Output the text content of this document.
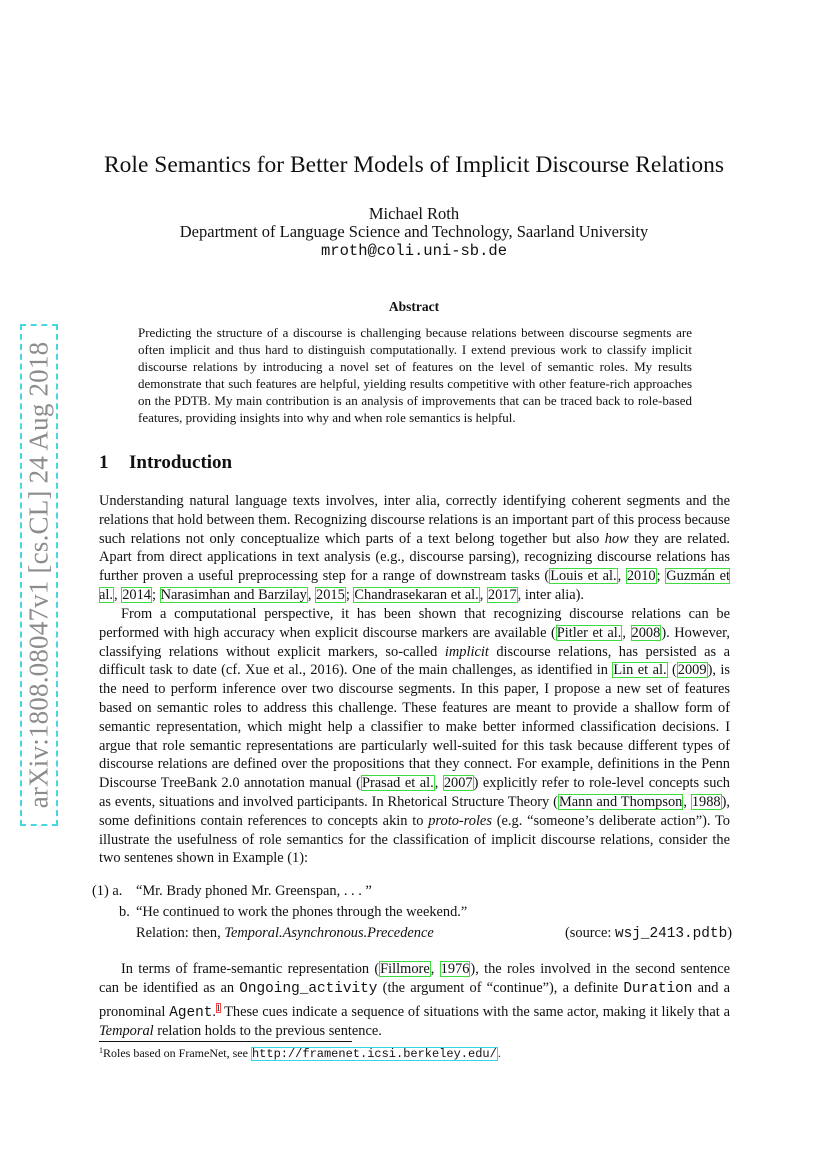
arXiv:1808.08047v1 [cs.CL] 24 Aug 2018
Role Semantics for Better Models of Implicit Discourse Relations
Michael Roth
Department of Language Science and Technology, Saarland University
mroth@coli.uni-sb.de
Abstract

Predicting the structure of a discourse is challenging because relations between discourse segments are often implicit and thus hard to distinguish computationally. I extend previous work to classify implicit discourse relations by introducing a novel set of features on the level of semantic roles. My results demonstrate that such features are helpful, yielding results competitive with other feature-rich approaches on the PDTB. My main contribution is an analysis of improvements that can be traced back to role-based features, providing insights into why and when role semantics is helpful.

1 Introduction

Understanding natural language texts involves, inter alia, correctly identifying coherent segments and the relations that hold between them. Recognizing discourse relations is an important part of this process because such relations not only conceptualize which parts of a text belong together but also how they are related. Apart from direct applications in text analysis (e.g., discourse parsing), recognizing discourse relations has further proven a useful preprocessing step for a range of downstream tasks (Louis et al., 2010; Guzmán et al., 2014; Narasimhan and Barzilay, 2015; Chandrasekaran et al., 2017, inter alia).

From a computational perspective, it has been shown that recognizing discourse relations can be performed with high accuracy when explicit discourse markers are available (Pitler et al., 2008). However, classifying relations without explicit markers, so-called implicit discourse relations, has persisted as a difficult task to date (cf. Xue et al., 2016). One of the main challenges, as identified in Lin et al. (2009), is the need to perform inference over two discourse segments. In this paper, I propose a new set of features based on semantic roles to address this challenge. These features are meant to provide a shallow form of semantic representation, which might help a classifier to make better informed classification decisions. I argue that role semantic representations are particularly well-suited for this task because different types of discourse relations are defined over the propositions that they connect. For example, definitions in the Penn Discourse TreeBank 2.0 annotation manual (Prasad et al., 2007) explicitly refer to role-level concepts such as events, situations and involved participants. In Rhetorical Structure Theory (Mann and Thompson, 1988), some definitions contain references to concepts akin to proto-roles (e.g. “someone’s deliberate action”). To illustrate the usefulness of role semantics for the classification of implicit discourse relations, consider the two sentenes shown in Example (1):

(1) a. “Mr. Brady phoned Mr. Greenspan, . . . ”
b. “He continued to work the phones through the weekend.”
Relation: then, Temporal.Asynchronous.Precedence	(source: wsj_2413.pdtb)

In terms of frame-semantic representation (Fillmore, 1976), the roles involved in the second sentence can be identified as an Ongoing_activity (the argument of “continue”), a definite Duration and a pronominal Agent.$^1$ These cues indicate a sequence of situations with the same actor, making it likely that a Temporal relation holds to the previous sentence.

$^1$Roles based on FrameNet, see http://framenet.icsi.berkeley.edu/.
